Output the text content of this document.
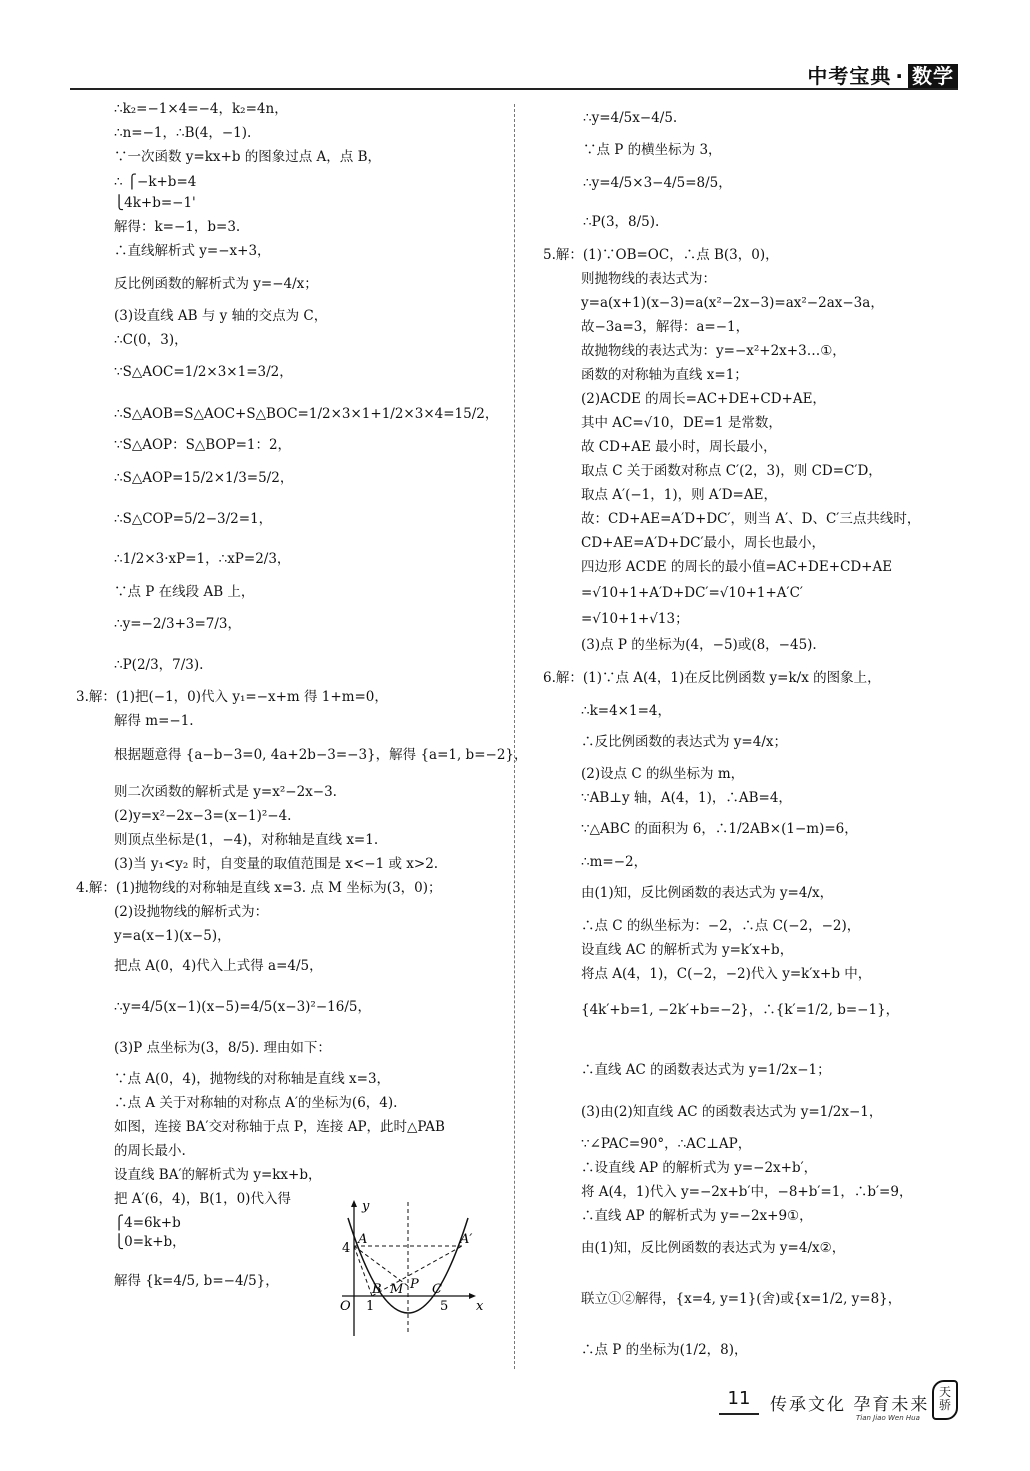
中考宝典 · 数学
∴k₂=−1×4=−4，k₂=4n，
∴n=−1，∴B(4，−1).
∵一次函数 y=kx+b 的图象过点 A，点 B，
∴ ⎧−k+b=4
⎩4k+b=−1'
解得：k=−1，b=3.
∴直线解析式 y=−x+3，
反比例函数的解析式为 y=−4/x；
(3)设直线 AB 与 y 轴的交点为 C，
∴C(0，3)，
∵S△AOC=1/2×3×1=3/2，
∴S△AOB=S△AOC+S△BOC=1/2×3×1+1/2×3×4=15/2，
∵S△AOP：S△BOP=1：2，
∴S△AOP=15/2×1/3=5/2，
∴S△COP=5/2−3/2=1，
∴1/2×3·xP=1，∴xP=2/3，
∵点 P 在线段 AB 上，
∴y=−2/3+3=7/3，
∴P(2/3，7/3).
3.解：(1)把(−1，0)代入 y₁=−x+m 得 1+m=0，
解得 m=−1.
根据题意得 {a−b−3=0, 4a+2b−3=−3}，解得 {a=1, b=−2}，
则二次函数的解析式是 y=x²−2x−3.
(2)y=x²−2x−3=(x−1)²−4.
则顶点坐标是(1，−4)，对称轴是直线 x=1.
(3)当 y₁<y₂ 时，自变量的取值范围是 x<−1 或 x>2.
4.解：(1)抛物线的对称轴是直线 x=3. 点 M 坐标为(3，0)；
(2)设抛物线的解析式为：
y=a(x−1)(x−5)，
把点 A(0，4)代入上式得 a=4/5，
∴y=4/5(x−1)(x−5)=4/5(x−3)²−16/5，
(3)P 点坐标为(3，8/5). 理由如下：
∵点 A(0，4)，抛物线的对称轴是直线 x=3，
∴点 A 关于对称轴的对称点 A′的坐标为(6，4).
如图，连接 BA′交对称轴于点 P，连接 AP，此时△PAB
的周长最小.
设直线 BA′的解析式为 y=kx+b，
把 A′(6，4)，B(1，0)代入得
⎧4=6k+b
⎩0=k+b，
解得 {k=4/5, b=−4/5}，
∴y=4/5x−4/5.
∵点 P 的横坐标为 3，
∴y=4/5×3−4/5=8/5，
∴P(3，8/5).
5.解：(1)∵OB=OC，∴点 B(3，0)，
则抛物线的表达式为：
y=a(x+1)(x−3)=a(x²−2x−3)=ax²−2ax−3a，
故−3a=3，解得：a=−1，
故抛物线的表达式为：y=−x²+2x+3…①，
函数的对称轴为直线 x=1；
(2)ACDE 的周长=AC+DE+CD+AE，
其中 AC=√10，DE=1 是常数，
故 CD+AE 最小时，周长最小，
取点 C 关于函数对称点 C′(2，3)，则 CD=C′D，
取点 A′(−1，1)，则 A′D=AE，
故：CD+AE=A′D+DC′，则当 A′、D、C′三点共线时，
CD+AE=A′D+DC′最小，周长也最小，
四边形 ACDE 的周长的最小值=AC+DE+CD+AE
=√10+1+A′D+DC′=√10+1+A′C′
=√10+1+√13；
(3)点 P 的坐标为(4，−5)或(8，−45).
6.解：(1)∵点 A(4，1)在反比例函数 y=k/x 的图象上，
∴k=4×1=4，
∴反比例函数的表达式为 y=4/x；
(2)设点 C 的纵坐标为 m，
∵AB⊥y 轴，A(4，1)，∴AB=4，
∵△ABC 的面积为 6，∴1/2AB×(1−m)=6，
∴m=−2，
由(1)知，反比例函数的表达式为 y=4/x，
∴点 C 的纵坐标为：−2，∴点 C(−2，−2)，
设直线 AC 的解析式为 y=k′x+b，
将点 A(4，1)，C(−2，−2)代入 y=k′x+b 中，
{4k′+b=1, −2k′+b=−2}，∴{k′=1/2, b=−1}，
∴直线 AC 的函数表达式为 y=1/2x−1；
(3)由(2)知直线 AC 的函数表达式为 y=1/2x−1，
∵∠PAC=90°，∴AC⊥AP，
∴设直线 AP 的解析式为 y=−2x+b′，
将 A(4，1)代入 y=−2x+b′中，−8+b′=1，∴b′=9，
∴直线 AP 的解析式为 y=−2x+9①，
由(1)知，反比例函数的表达式为 y=4/x②，
联立①②解得，{x=4, y=1}(舍)或{x=1/2, y=8}，
∴点 P 的坐标为(1/2，8)，
y
x
O
4
A	A′
B M P C
1	5
11	传承文化 孕育未来
Tian Jiao Wen Hua
天骄
